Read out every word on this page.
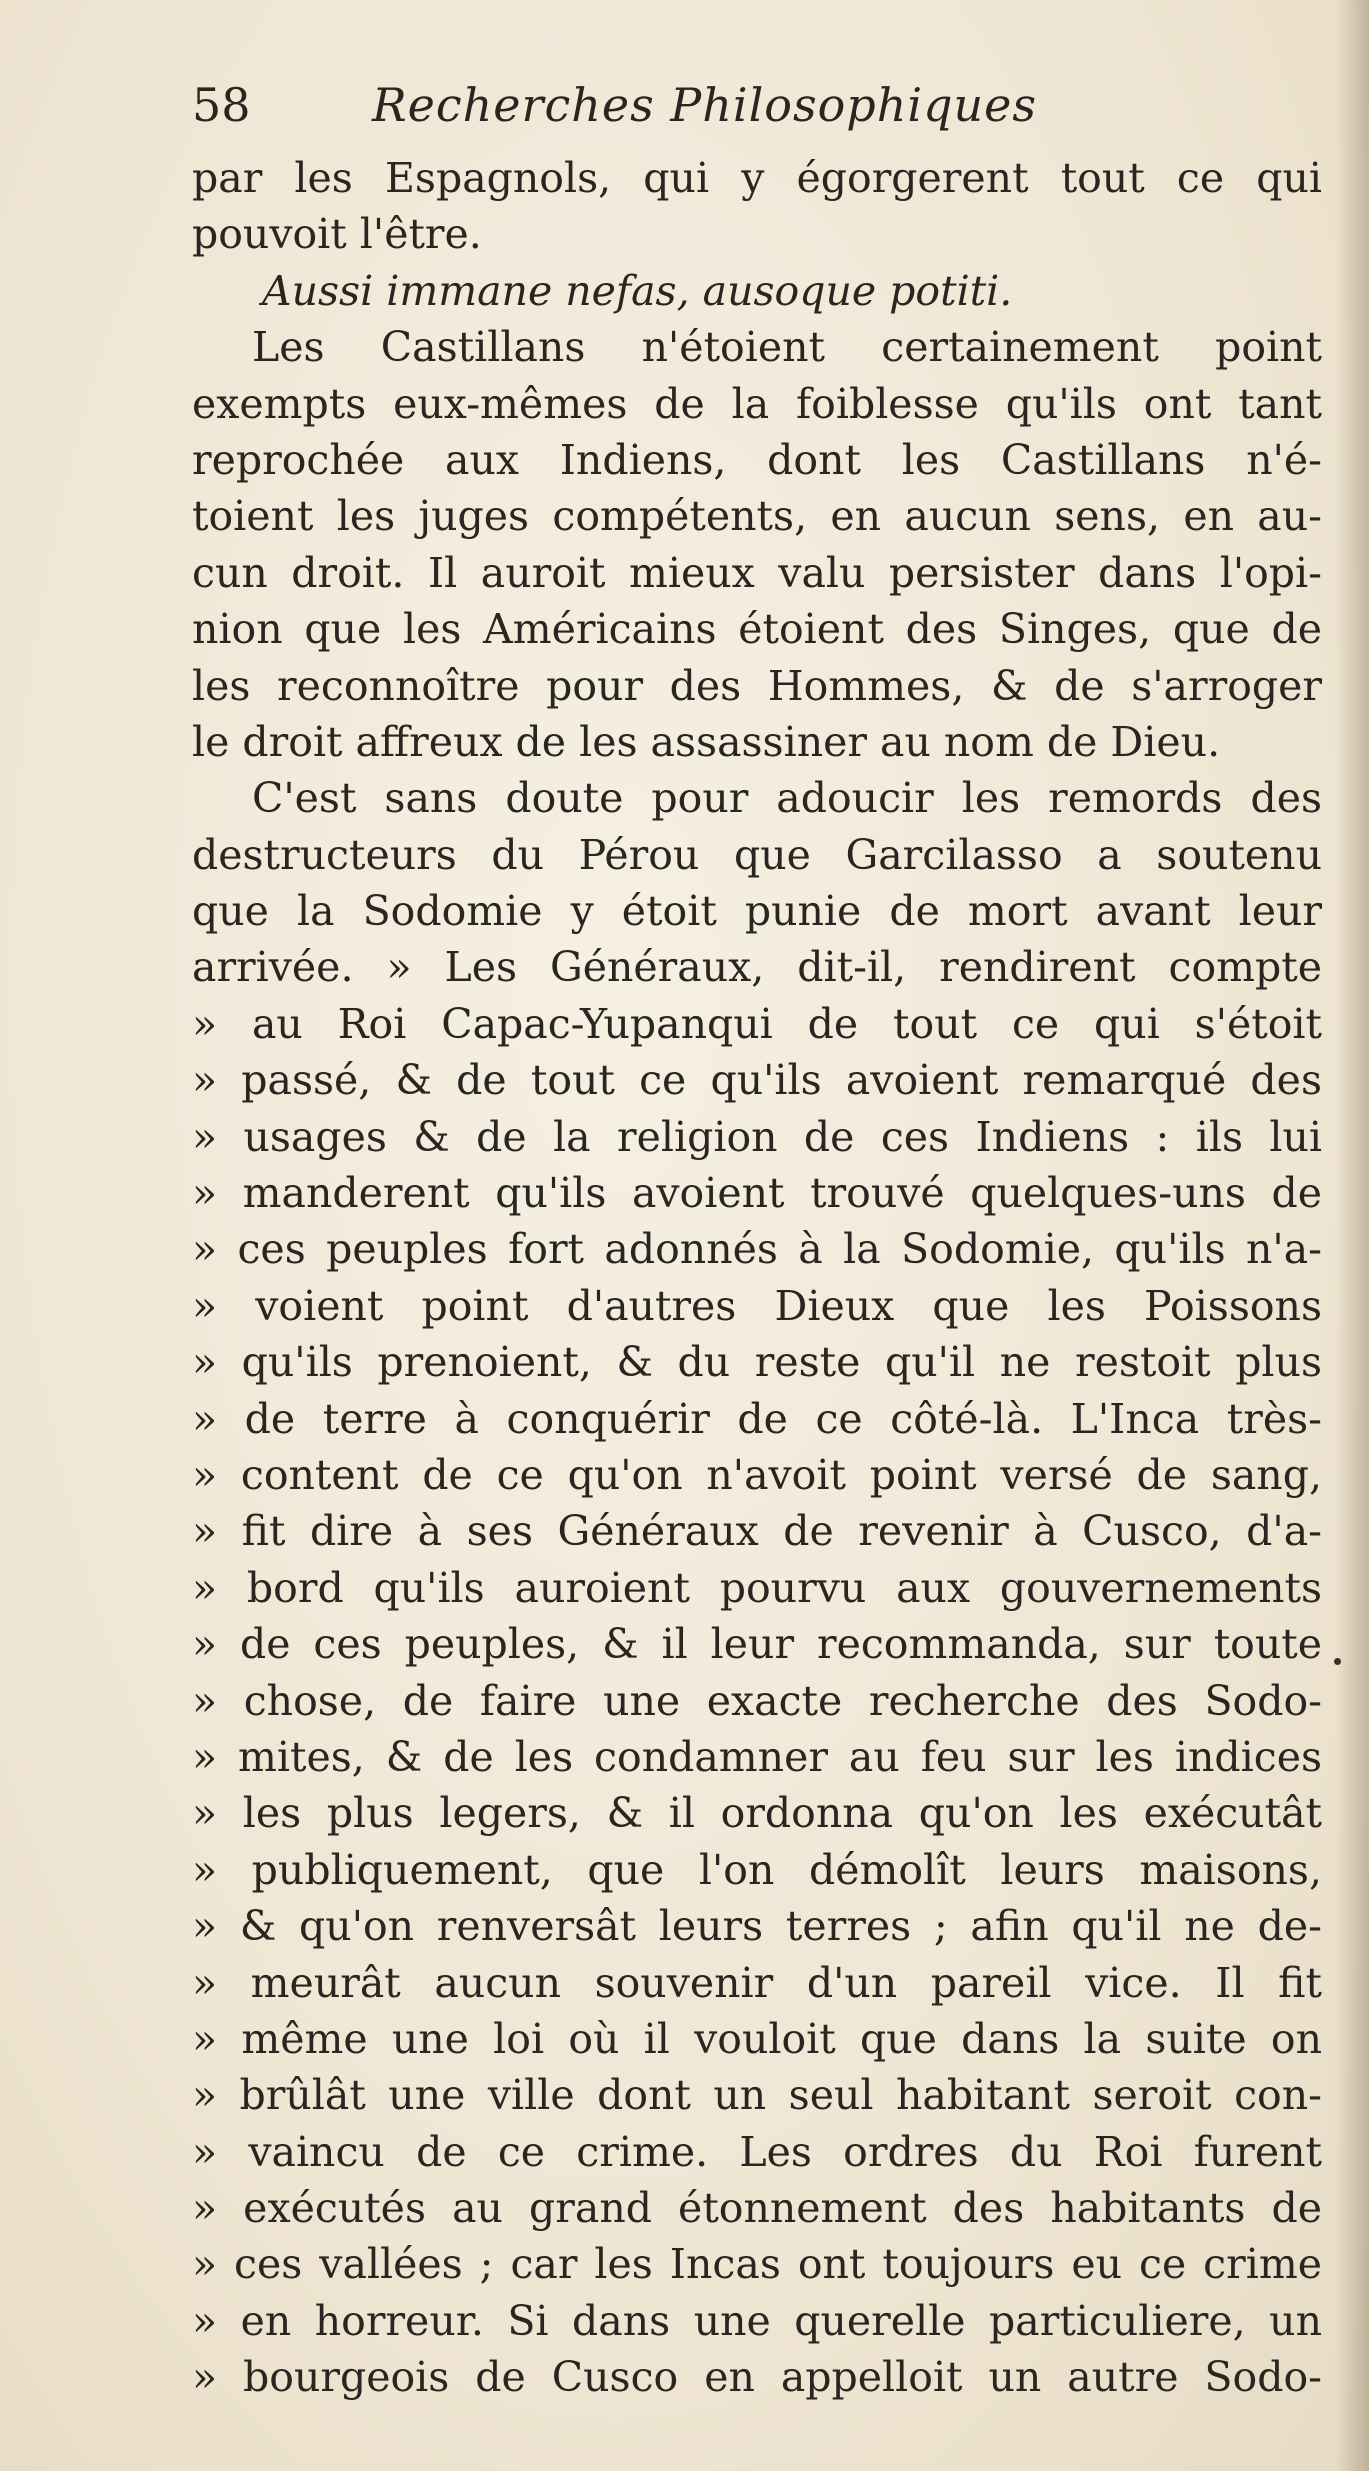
58	Recherches Philosophiques
par les Espagnols, qui y égorgerent tout ce qui
pouvoit l'être.
Aussi immane nefas, ausoque potiti.
Les Castillans n'étoient certainement point
exempts eux-mêmes de la foiblesse qu'ils ont tant
reprochée aux Indiens, dont les Castillans n'é-
toient les juges compétents, en aucun sens, en au-
cun droit. Il auroit mieux valu persister dans l'opi-
nion que les Américains étoient des Singes, que de
les reconnoître pour des Hommes, & de s'arroger
le droit affreux de les assassiner au nom de Dieu.
C'est sans doute pour adoucir les remords des
destructeurs du Pérou que Garcilasso a soutenu
que la Sodomie y étoit punie de mort avant leur
arrivée. » Les Généraux, dit-il, rendirent compte
» au Roi Capac-Yupanqui de tout ce qui s'étoit
» passé, & de tout ce qu'ils avoient remarqué des
» usages & de la religion de ces Indiens : ils lui
» manderent qu'ils avoient trouvé quelques-uns de
» ces peuples fort adonnés à la Sodomie, qu'ils n'a-
» voient point d'autres Dieux que les Poissons
» qu'ils prenoient, & du reste qu'il ne restoit plus
» de terre à conquérir de ce côté-là. L'Inca très-
» content de ce qu'on n'avoit point versé de sang,
» fit dire à ses Généraux de revenir à Cusco, d'a-
» bord qu'ils auroient pourvu aux gouvernements
» de ces peuples, & il leur recommanda, sur toute
» chose, de faire une exacte recherche des Sodo-
» mites, & de les condamner au feu sur les indices
» les plus legers, & il ordonna qu'on les exécutât
» publiquement, que l'on démolît leurs maisons,
» & qu'on renversât leurs terres ; afin qu'il ne de-
» meurât aucun souvenir d'un pareil vice. Il fit
» même une loi où il vouloit que dans la suite on
» brûlât une ville dont un seul habitant seroit con-
» vaincu de ce crime. Les ordres du Roi furent
» exécutés au grand étonnement des habitants de
» ces vallées ; car les Incas ont toujours eu ce crime
» en horreur. Si dans une querelle particuliere, un
» bourgeois de Cusco en appelloit un autre Sodo-
